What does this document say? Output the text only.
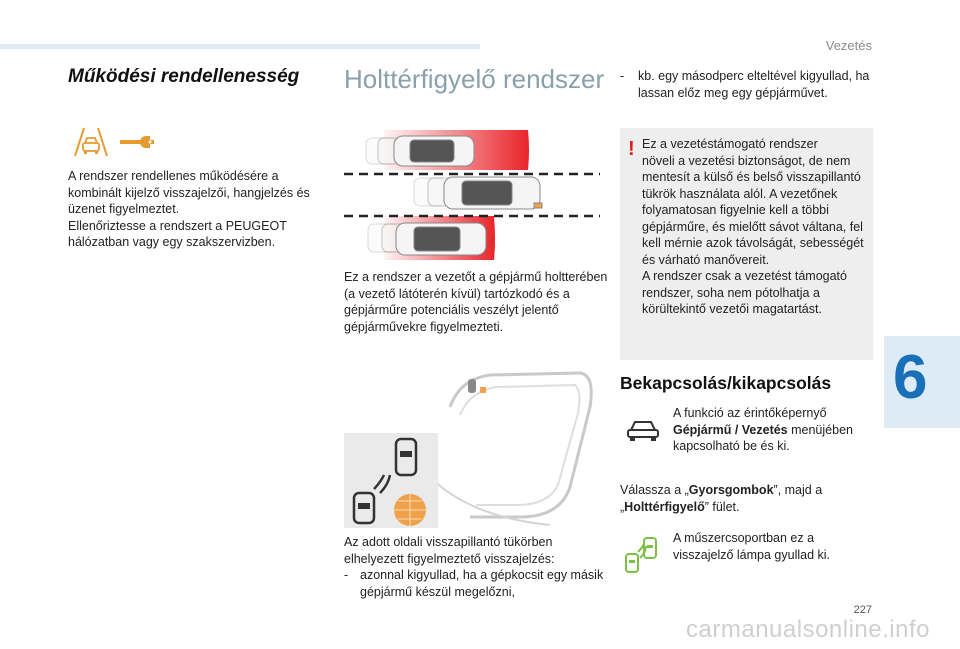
Vezetés
Működési rendellenesség

A rendszer rendellenes működésére a
kombinált kijelző visszajelzői, hangjelzés és
üzenet figyelmeztet.
Ellenőriztesse a rendszert a PEUGEOT
hálózatban vagy egy szakszervizben.

Holttérfigyelő rendszer

Ez a rendszer a vezetőt a gépjármű holtterében
(a vezető látóterén kívül) tartózkodó és a
gépjárműre potenciális veszélyt jelentő
gépjárművekre figyelmezteti.

Az adott oldali visszapillantó tükörben
elhelyezett figyelmeztető visszajelzés:

- azonnal kigyullad, ha a gépkocsit egy másik
gépjármű készül megelőzni,
- kb. egy másodperc elteltével kigyullad, ha
lassan előz meg egy gépjárművet.
! Ez a vezetéstámogató rendszer
növeli a vezetési biztonságot, de nem
mentesít a külső és belső visszapillantó
tükrök használata alól. A vezetőnek
folyamatosan figyelnie kell a többi
gépjárműre, és mielőtt sávot váltana, fel
kell mérnie azok távolságát, sebességét
és várható manővereit.
A rendszer csak a vezetést támogató
rendszer, soha nem pótolhatja a
körültekintő vezetői magatartást.
Bekapcsolás/kikapcsolás

A funkció az érintőképernyő
Gépjármű / Vezetés menüjében
kapcsolható be és ki.

Válassza a „Gyorsgombok”, majd a
„Holttérfigyelő” fület.

A műszercsoportban ez a
visszajelző lámpa gyullad ki.

6
227
carmanualsonline.info
